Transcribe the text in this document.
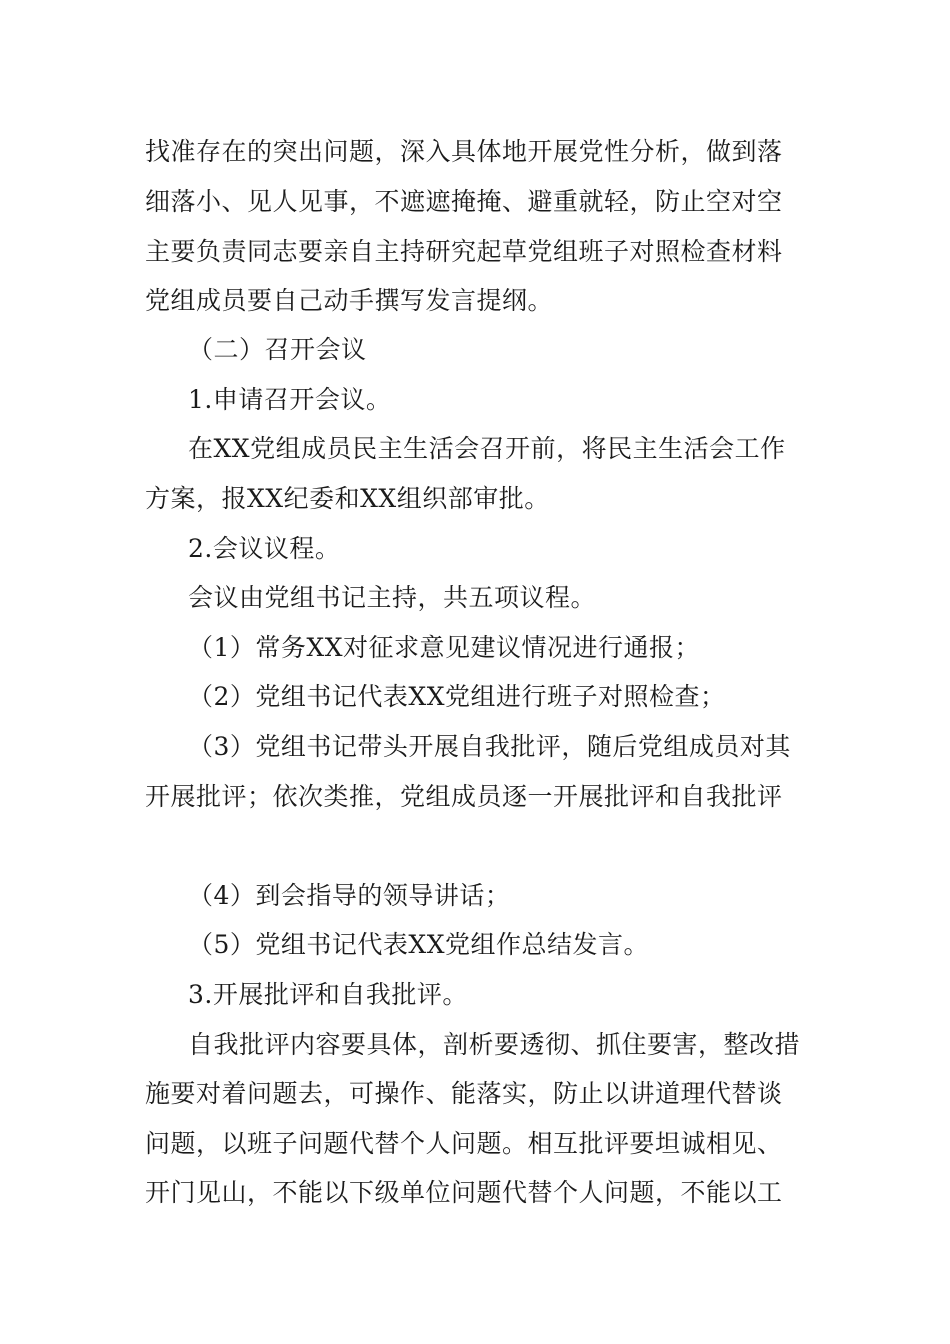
找准存在的突出问题，深入具体地开展党性分析，做到落
细落小、见人见事，不遮遮掩掩、避重就轻，防止空对空
主要负责同志要亲自主持研究起草党组班子对照检查材料
党组成员要自己动手撰写发言提纲。
（二）召开会议
1.申请召开会议。
在XX党组成员民主生活会召开前，将民主生活会工作
方案，报XX纪委和XX组织部审批。
2.会议议程。
会议由党组书记主持，共五项议程。
（1）常务XX对征求意见建议情况进行通报；
（2）党组书记代表XX党组进行班子对照检查；
（3）党组书记带头开展自我批评，随后党组成员对其
开展批评；依次类推，党组成员逐一开展批评和自我批评
（4）到会指导的领导讲话；
（5）党组书记代表XX党组作总结发言。
3.开展批评和自我批评。
自我批评内容要具体，剖析要透彻、抓住要害，整改措
施要对着问题去，可操作、能落实，防止以讲道理代替谈
问题，以班子问题代替个人问题。相互批评要坦诚相见、
开门见山，不能以下级单位问题代替个人问题，不能以工
